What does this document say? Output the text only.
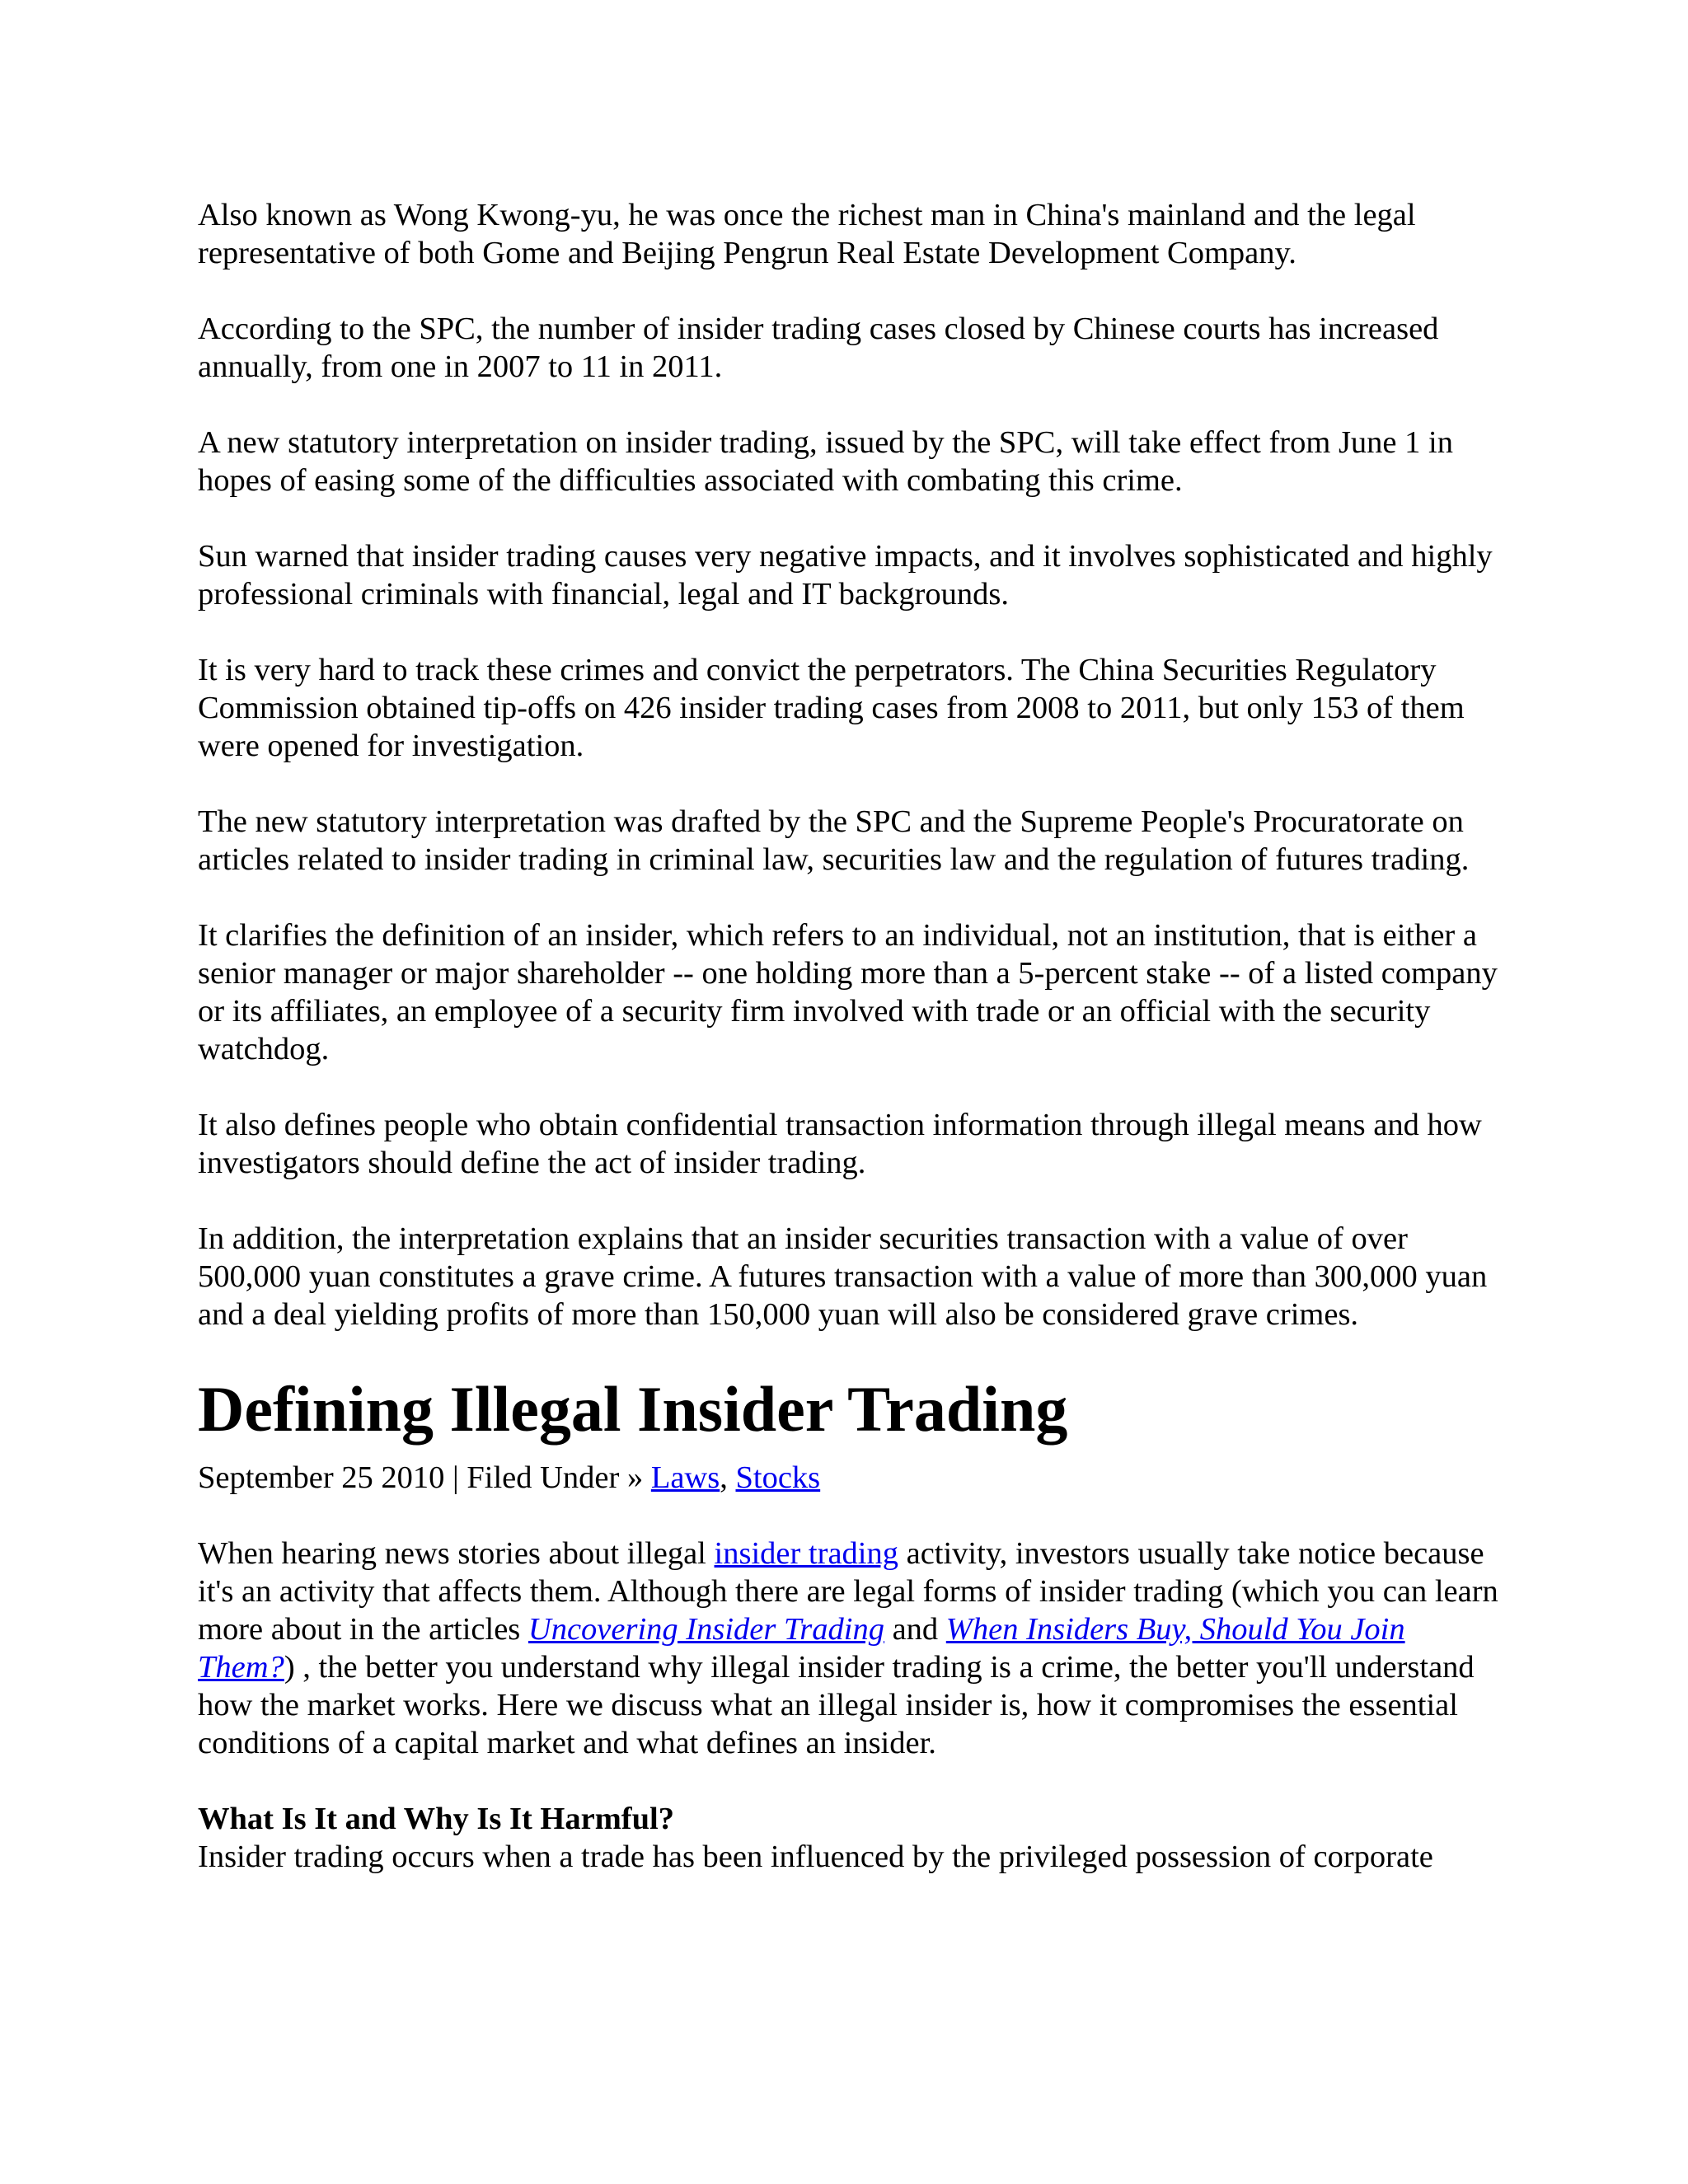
Also known as Wong Kwong-yu, he was once the richest man in China's mainland and the legal representative of both Gome and Beijing Pengrun Real Estate Development Company.

According to the SPC, the number of insider trading cases closed by Chinese courts has increased annually, from one in 2007 to 11 in 2011.

A new statutory interpretation on insider trading, issued by the SPC, will take effect from June 1 in hopes of easing some of the difficulties associated with combating this crime.

Sun warned that insider trading causes very negative impacts, and it involves sophisticated and highly professional criminals with financial, legal and IT backgrounds.

It is very hard to track these crimes and convict the perpetrators. The China Securities Regulatory Commission obtained tip-offs on 426 insider trading cases from 2008 to 2011, but only 153 of them were opened for investigation.

The new statutory interpretation was drafted by the SPC and the Supreme People's Procuratorate on articles related to insider trading in criminal law, securities law and the regulation of futures trading.

It clarifies the definition of an insider, which refers to an individual, not an institution, that is either a senior manager or major shareholder -- one holding more than a 5-percent stake -- of a listed company or its affiliates, an employee of a security firm involved with trade or an official with the security watchdog.

It also defines people who obtain confidential transaction information through illegal means and how investigators should define the act of insider trading.

In addition, the interpretation explains that an insider securities transaction with a value of over 500,000 yuan constitutes a grave crime. A futures transaction with a value of more than 300,000 yuan and a deal yielding profits of more than 150,000 yuan will also be considered grave crimes.

Defining Illegal Insider Trading
September 25 2010 | Filed Under » Laws, Stocks

When hearing news stories about illegal insider trading activity, investors usually take notice because it's an activity that affects them. Although there are legal forms of insider trading (which you can learn more about in the articles Uncovering Insider Trading and When Insiders Buy, Should You Join Them?) , the better you understand why illegal insider trading is a crime, the better you'll understand how the market works. Here we discuss what an illegal insider is, how it compromises the essential conditions of a capital market and what defines an insider.

What Is It and Why Is It Harmful?
Insider trading occurs when a trade has been influenced by the privileged possession of corporate
